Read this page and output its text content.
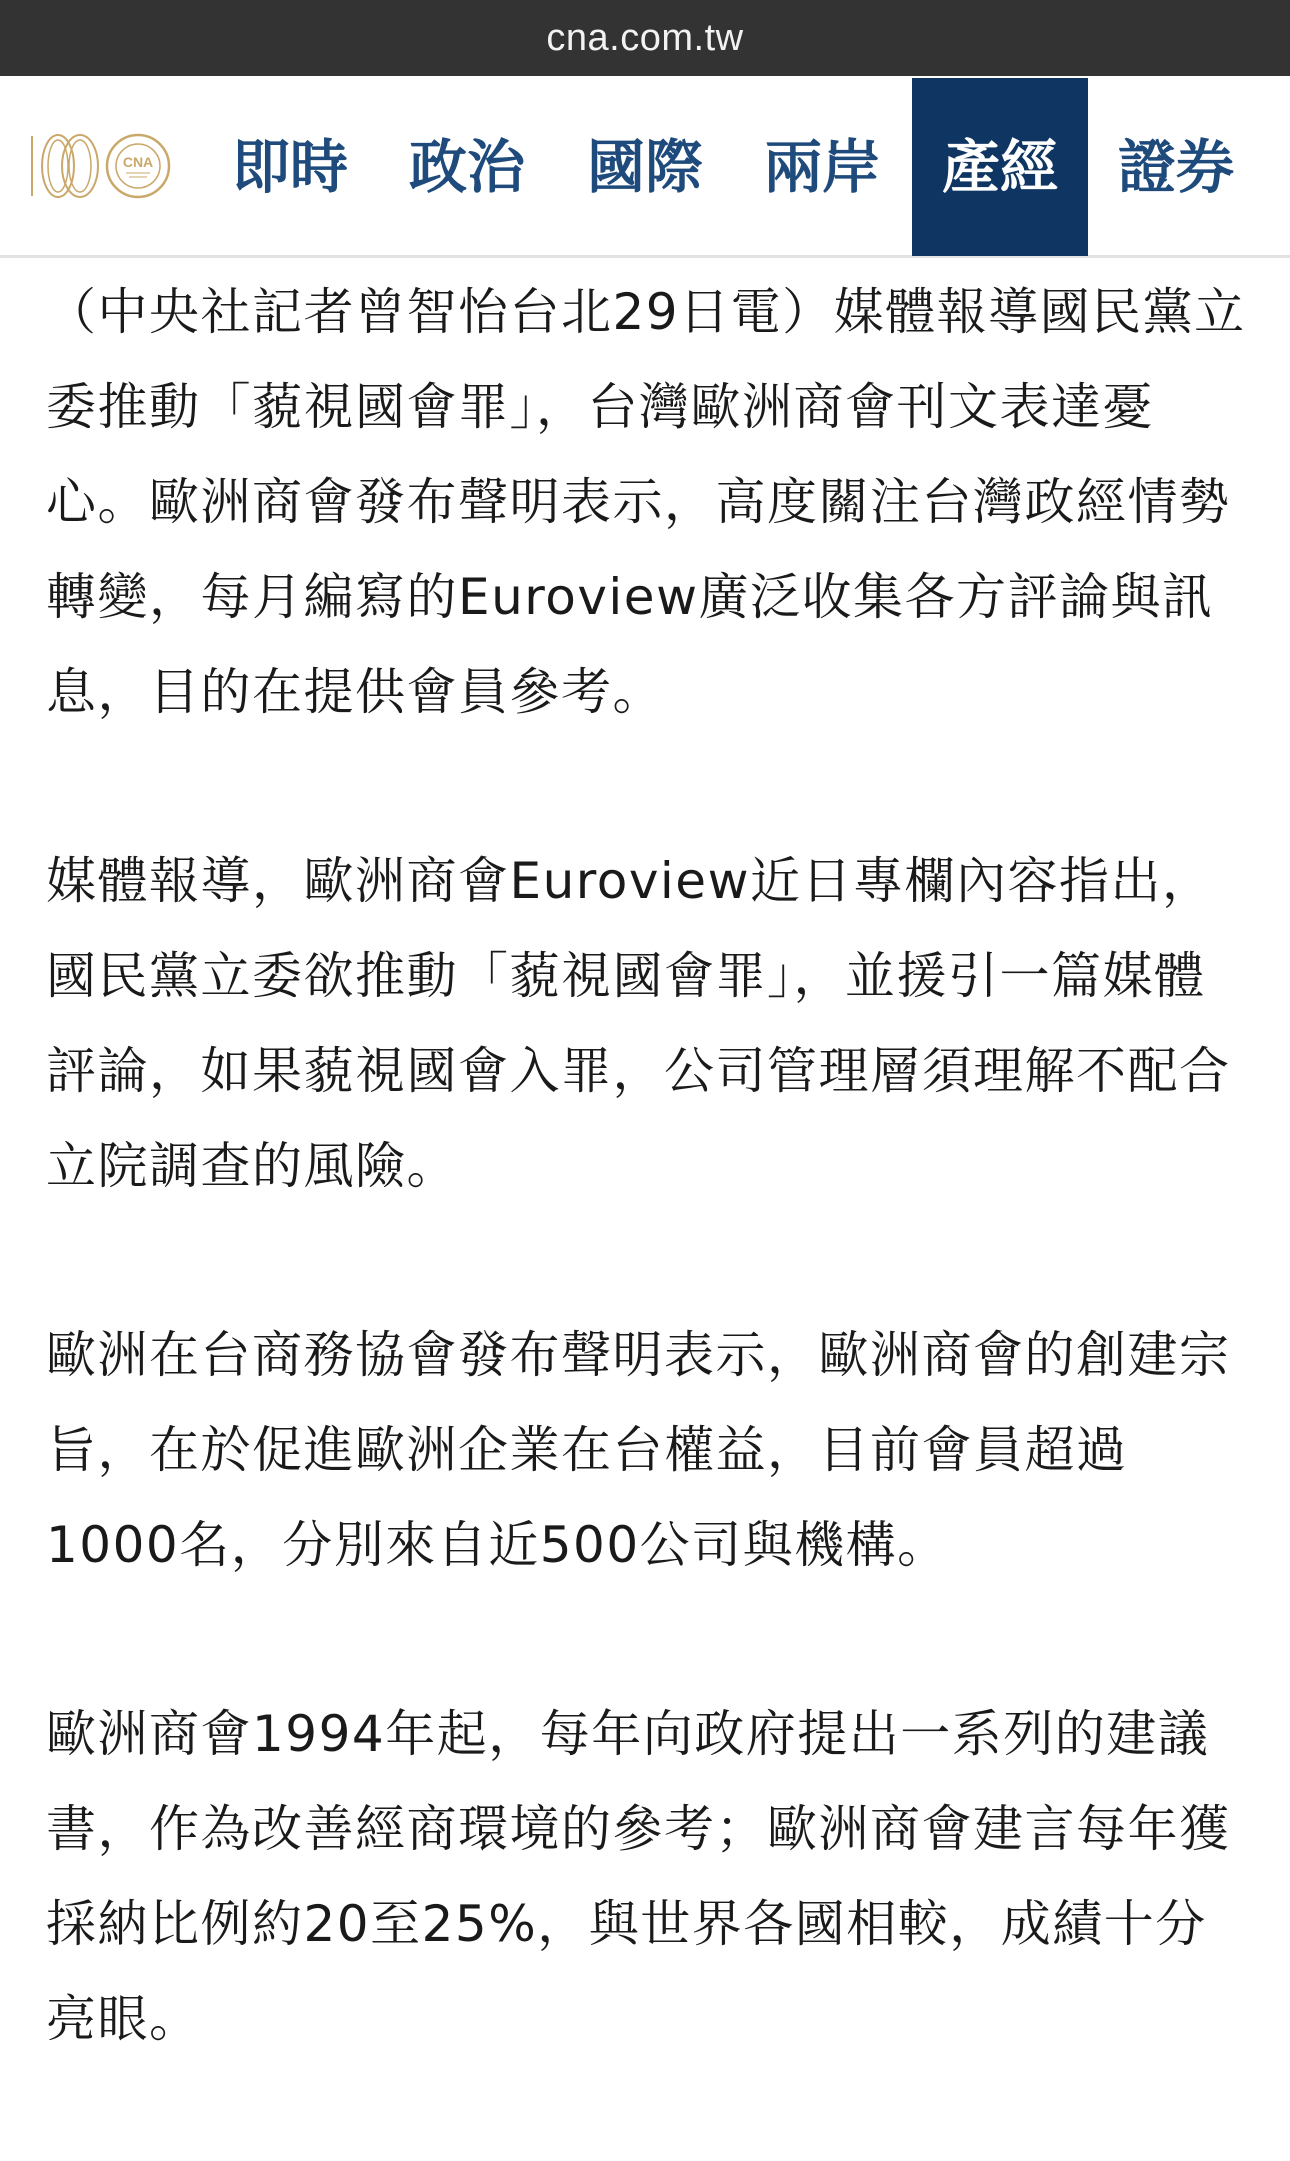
cna.com.tw
CNA 即時 政治 國際 兩岸	產經	證券

（中央社記者曾智怡台北29日電）媒體報導國民黨立委推動「藐視國會罪」，台灣歐洲商會刊文表達憂心。歐洲商會發布聲明表示，高度關注台灣政經情勢轉變，每月編寫的Euroview廣泛收集各方評論與訊息，目的在提供會員參考。

媒體報導，歐洲商會Euroview近日專欄內容指出，國民黨立委欲推動「藐視國會罪」，並援引一篇媒體評論，如果藐視國會入罪，公司管理層須理解不配合立院調查的風險。

歐洲在台商務協會發布聲明表示，歐洲商會的創建宗旨，在於促進歐洲企業在台權益，目前會員超過1000名，分別來自近500公司與機構。

歐洲商會1994年起，每年向政府提出一系列的建議書，作為改善經商環境的參考；歐洲商會建言每年獲採納比例約20至25%，與世界各國相較，成績十分亮眼。
